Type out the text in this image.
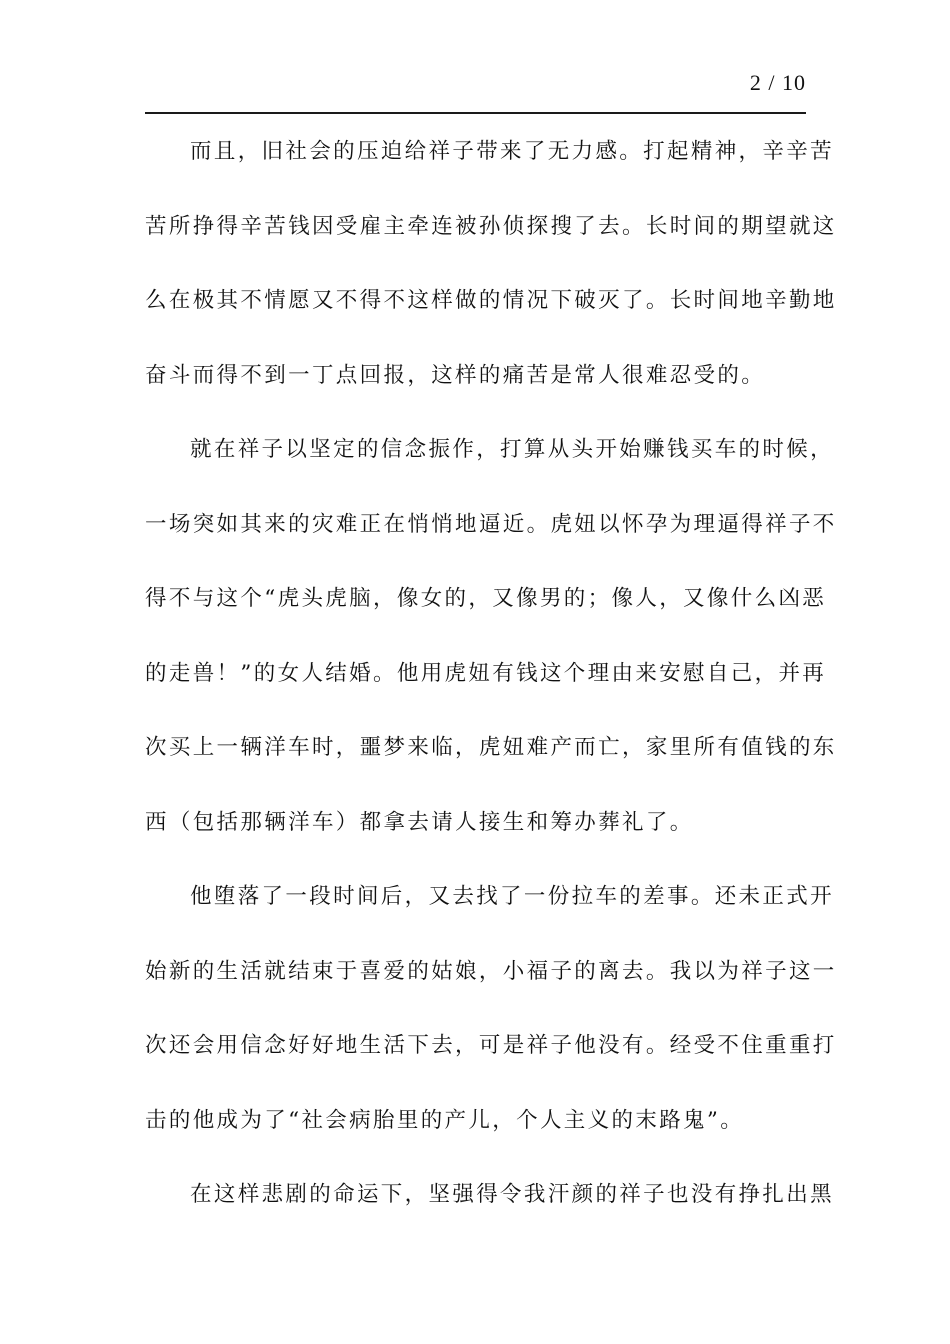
2 / 10
而且，旧社会的压迫给祥子带来了无力感。打起精神，辛辛苦
苦所挣得辛苦钱因受雇主牵连被孙侦探搜了去。长时间的期望就这
么在极其不情愿又不得不这样做的情况下破灭了。长时间地辛勤地
奋斗而得不到一丁点回报，这样的痛苦是常人很难忍受的。
就在祥子以坚定的信念振作，打算从头开始赚钱买车的时候，
一场突如其来的灾难正在悄悄地逼近。虎妞以怀孕为理逼得祥子不
得不与这个“虎头虎脑，像女的，又像男的；像人，又像什么凶恶
的走兽！”的女人结婚。他用虎妞有钱这个理由来安慰自己，并再
次买上一辆洋车时，噩梦来临，虎妞难产而亡，家里所有值钱的东
西（包括那辆洋车）都拿去请人接生和筹办葬礼了。
他堕落了一段时间后，又去找了一份拉车的差事。还未正式开
始新的生活就结束于喜爱的姑娘，小福子的离去。我以为祥子这一
次还会用信念好好地生活下去，可是祥子他没有。经受不住重重打
击的他成为了“社会病胎里的产儿，个人主义的末路鬼”。
在这样悲剧的命运下，坚强得令我汗颜的祥子也没有挣扎出黑
